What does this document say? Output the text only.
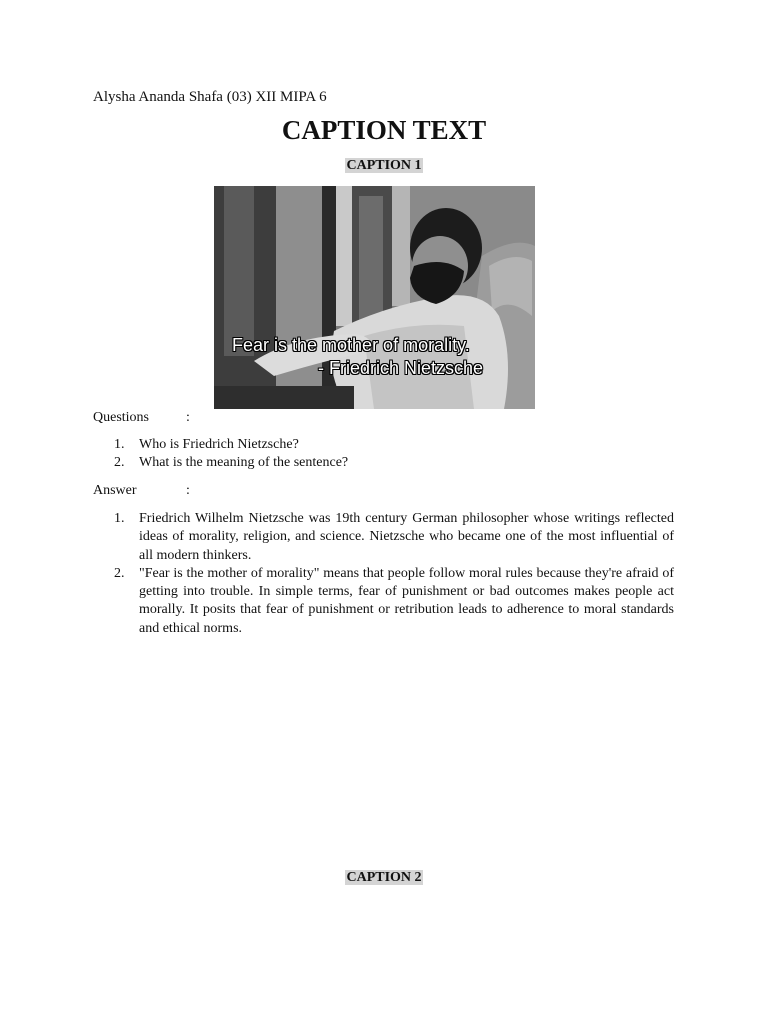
Alysha Ananda Shafa (03) XII MIPA 6
CAPTION TEXT
CAPTION 1
Fear is the mother of morality.
- Friedrich Nietzsche
Questions	:
1. Who is Friedrich Nietzsche?
2. What is the meaning of the sentence?
Answer	:
1. Friedrich Wilhelm Nietzsche was 19th century German philosopher whose writings reflected ideas of morality, religion, and science. Nietzsche who became one of the most influential of all modern thinkers.
2. "Fear is the mother of morality" means that people follow moral rules because they're afraid of getting into trouble. In simple terms, fear of punishment or bad outcomes makes people act morally. It posits that fear of punishment or retribution leads to adherence to moral standards and ethical norms.
CAPTION 2
